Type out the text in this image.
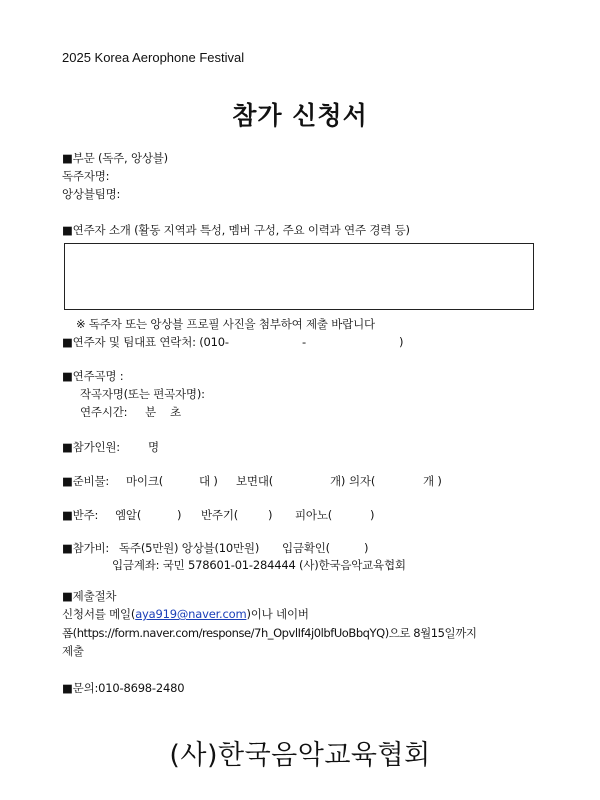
2025 Korea Aerophone Festival
참가 신청서
■부문 (독주, 앙상블)
독주자명:
앙상블팀명:
■연주자 소개 (활동 지역과 특성, 멤버 구성, 주요 이력과 연주 경력 등)
※ 독주자 또는 앙상블 프로필 사진을 첨부하여 제출 바랍니다
■연주자 및 팀대표 연락처: (010-	-	)
■연주곡명 :
작곡자명(또는 편곡자명):
연주시간: 분 초
■참가인원: 명
■준비물: 마이크(	대 ) 보면대(	개) 의자(	개 )
■반주: 엠알(	) 반주기(	) 피아노(	)
■참가비: 독주(5만원) 앙상블(10만원) 입금확인(	)
입금계좌: 국민 578601-01-284444 (사)한국음악교육협회
■제출절차
신청서를 메일(aya919@naver.com)이나 네이버
폼(https://form.naver.com/response/7h_OpvlIf4j0lbfUoBbqYQ)으로 8월15일까지
제출
■문의:010-8698-2480
(사)한국음악교육협회
